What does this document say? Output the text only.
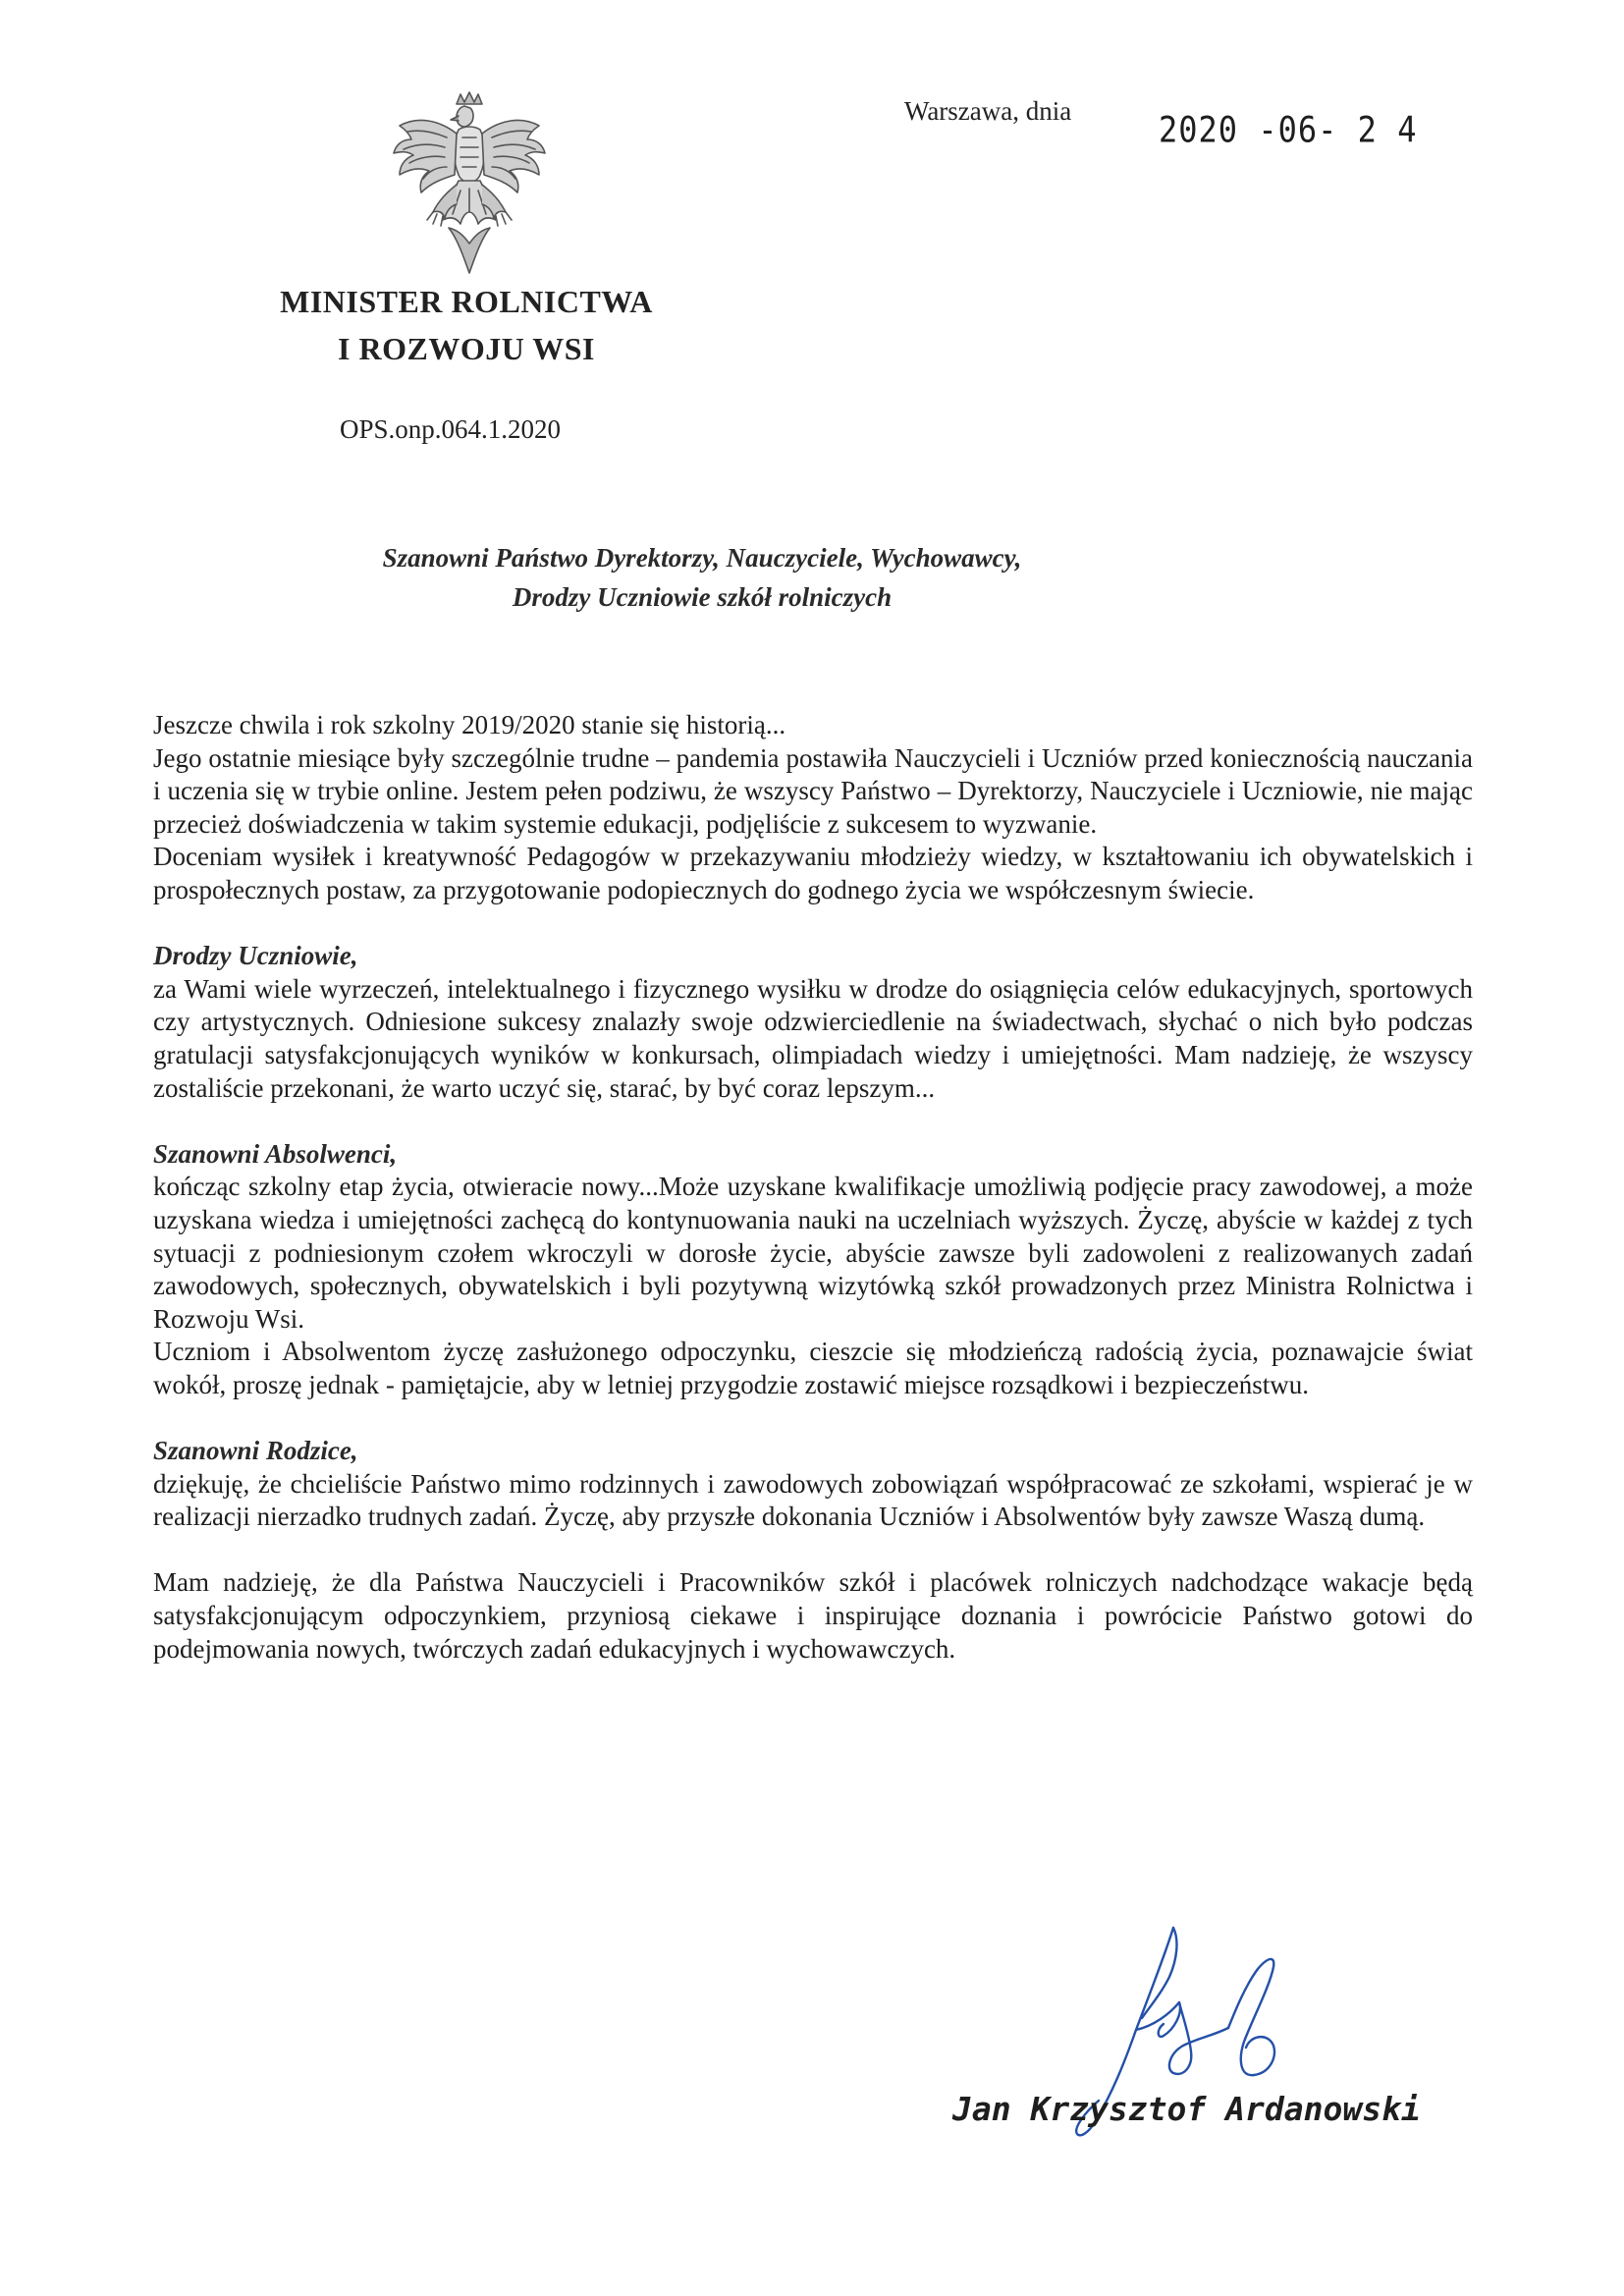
Warszawa, dnia	2020 -06- 2 4
MINISTER ROLNICTWA
I ROZWOJU WSI
OPS.onp.064.1.2020
Szanowni Państwo Dyrektorzy, Nauczyciele, Wychowawcy,
Drodzy Uczniowie szkół rolniczych

Jeszcze chwila i rok szkolny 2019/2020 stanie się historią...

Jego ostatnie miesiące były szczególnie trudne – pandemia postawiła Nauczycieli i Uczniów przed koniecznością nauczania i uczenia się w trybie online. Jestem pełen podziwu, że wszyscy Państwo – Dyrektorzy, Nauczyciele i Uczniowie, nie mając przecież doświadczenia w takim systemie edukacji, podjęliście z sukcesem to wyzwanie.

Doceniam wysiłek i kreatywność Pedagogów w przekazywaniu młodzieży wiedzy, w kształtowaniu ich obywatelskich i prospołecznych postaw, za przygotowanie podopiecznych do godnego życia we współczesnym świecie.

Drodzy Uczniowie,

za Wami wiele wyrzeczeń, intelektualnego i fizycznego wysiłku w drodze do osiągnięcia celów edukacyjnych, sportowych czy artystycznych. Odniesione sukcesy znalazły swoje odzwierciedlenie na świadectwach, słychać o nich było podczas gratulacji satysfakcjonujących wyników w konkursach, olimpiadach wiedzy i umiejętności. Mam nadzieję, że wszyscy zostaliście przekonani, że warto uczyć się, starać, by być coraz lepszym...

Szanowni Absolwenci,

kończąc szkolny etap życia, otwieracie nowy...Może uzyskane kwalifikacje umożliwią podjęcie pracy zawodowej, a może uzyskana wiedza i umiejętności zachęcą do kontynuowania nauki na uczelniach wyższych. Życzę, abyście w każdej z tych sytuacji z podniesionym czołem wkroczyli w dorosłe życie, abyście zawsze byli zadowoleni z realizowanych zadań zawodowych, społecznych, obywatelskich i byli pozytywną wizytówką szkół prowadzonych przez Ministra Rolnictwa i Rozwoju Wsi.

Uczniom i Absolwentom życzę zasłużonego odpoczynku, cieszcie się młodzieńczą radością życia, poznawajcie świat wokół, proszę jednak - pamiętajcie, aby w letniej przygodzie zostawić miejsce rozsądkowi i bezpieczeństwu.

Szanowni Rodzice,

dziękuję, że chcieliście Państwo mimo rodzinnych i zawodowych zobowiązań współpracować ze szkołami, wspierać je w realizacji nierzadko trudnych zadań. Życzę, aby przyszłe dokonania Uczniów i Absolwentów były zawsze Waszą dumą.

Mam nadzieję, że dla Państwa Nauczycieli i Pracowników szkół i placówek rolniczych nadchodzące wakacje będą satysfakcjonującym odpoczynkiem, przyniosą ciekawe i inspirujące doznania i powrócicie Państwo gotowi do podejmowania nowych, twórczych zadań edukacyjnych i wychowawczych.

Jan Krzysztof Ardanowski
